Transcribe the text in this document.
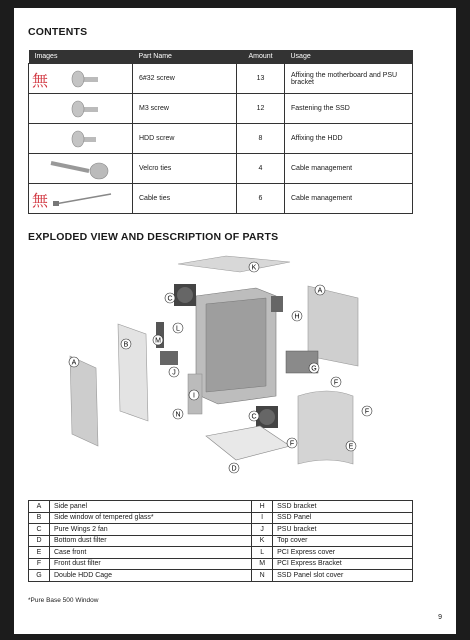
CONTENTS
Images	Part Name	Amount	Usage

無	6#32 screw	13	Affixing the motherboard and PSU bracket

	M3 screw	12	Fastening the SSD

	HDD screw	8	Affixing the HDD

	Velcro ties	4	Cable management

無	Cable ties	6	Cable management
EXPLODED VIEW AND DESCRIPTION OF PARTS
K
C
H
A
L
M
B
A
J
G
F
I
C
N	F
F	E
D
A	Side panel	H	SSD bracket
B	Side window of tempered glass*	I	SSD Panel
C	Pure Wings 2 fan	J	PSU bracket
D	Bottom dust filter	K	Top cover
E	Case front	L	PCI Express cover
F	Front dust filter	M	PCI Express Bracket
G	Double HDD Cage	N	SSD Panel slot cover
*Pure Base 500 Window
9
